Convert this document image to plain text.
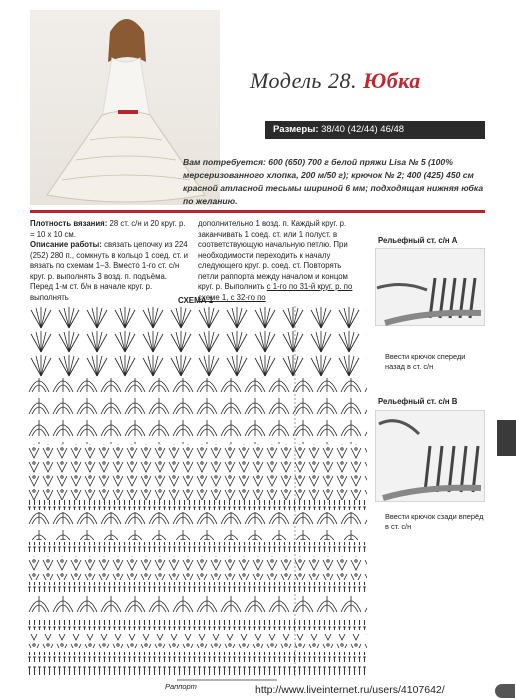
Модель 28. Юбка
Размеры: 38/40 (42/44) 46/48
Вам потребуется: 600 (650) 700 г белой пряжи Lisa № 5 (100% мерсеризованного хлопка, 200 м/50 г); крючок № 2; 400 (425) 450 см красной атласной тесьмы шириной 6 мм; подходящая нижняя юбка по желанию.
Плотность вязания: 28 ст. с/н и 20 круг. р. = 10 х 10 см.
Описание работы: связать цепочку из 224 (252) 280 п., сомкнуть в кольцо 1 соед. ст. и вязать по схемам 1–3. Вместо 1-го ст. с/н круг. р. выполнять 3 возд. п. подъёма. Перед 1-м ст. б/н в начале круг. р. выполнять
дополнительно 1 возд. п. Каждый круг. р. заканчивать 1 соед. ст. или 1 полуст. в соответствующую начальную петлю. При необходимости переходить к началу следующего круг. р. соед. ст. Повторять петли раппорта между началом и концом круг. р. Выполнить с 1-го по 31-й круг. р. по схеме 1, с 32-го по
Рельефный ст. с/н А
Ввести крючок спереди назад в ст. с/н
Рельефный ст. с/н В
Ввести крючок сзади вперёд в ст. с/н
СХЕМА 1
Раппорт	http://www.liveinternet.ru/users/4107642/
